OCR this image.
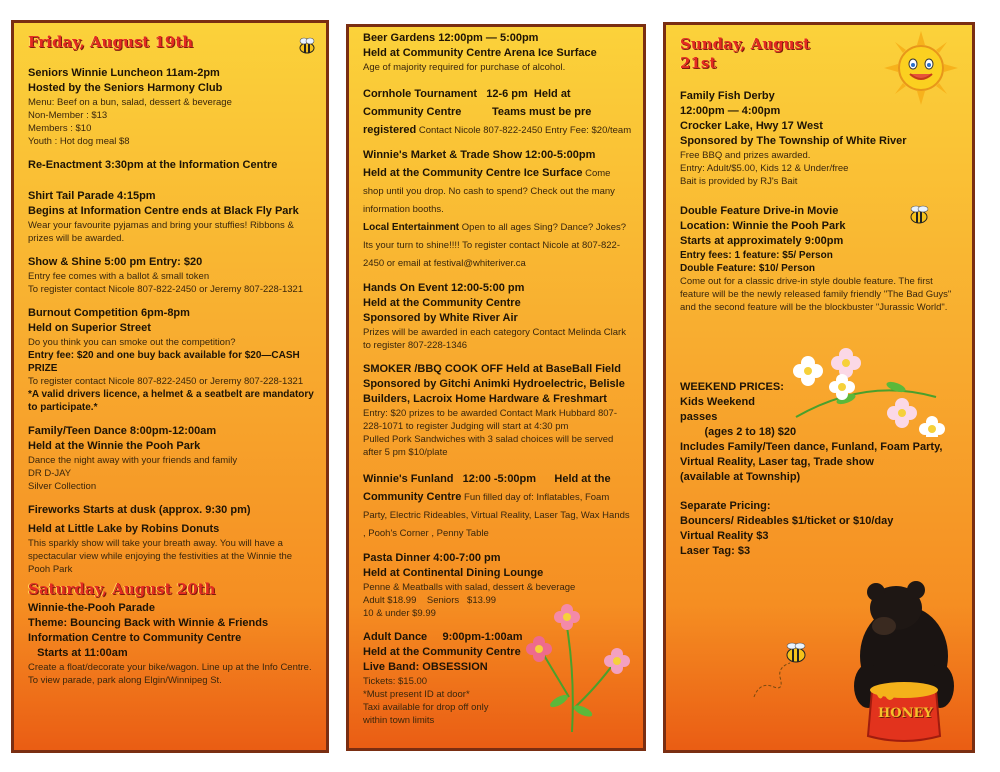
Friday, August 19th
Seniors Winnie Luncheon 11am-2pm
Hosted by the Seniors Harmony Club
Menu: Beef on a bun, salad, dessert & beverage
Non-Member : $13
Members : $10
Youth : Hot dog meal $8
Re-Enactment 3:30pm at the Information Centre
Shirt Tail Parade 4:15pm
Begins at Information Centre ends at Black Fly Park
Wear your favourite pyjamas and bring your stuffies! Ribbons & prizes will be awarded.
Show & Shine 5:00 pm Entry: $20
Entry fee comes with a ballot & small token
To register contact Nicole 807-822-2450 or Jeremy 807-228-1321
Burnout Competition 6pm-8pm
Held on Superior Street
Do you think you can smoke out the competition?
Entry fee: $20 and one buy back available for $20—CASH PRIZE
To register contact Nicole 807-822-2450 or Jeremy 807-228-1321
*A valid drivers licence, a helmet & a seatbelt are mandatory to participate.*
Family/Teen Dance 8:00pm-12:00am
Held at the Winnie the Pooh Park
Dance the night away with your friends and family
DR D-JAY
Silver Collection
Fireworks Starts at dusk (approx. 9:30 pm)
Held at Little Lake by Robins Donuts
This sparkly show will take your breath away. You will have a spectacular view while enjoying the festivities at the Winnie the Pooh Park
Saturday, August 20th
Winnie-the-Pooh Parade
Theme: Bouncing Back with Winnie & Friends
Information Centre to Community Centre
Starts at 11:00am
Create a float/decorate your bike/wagon. Line up at the Info Centre. To view parade, park along Elgin/Winnipeg St.
Beer Gardens 12:00pm — 5:00pm
Held at Community Centre Arena Ice Surface
Age of majority required for purchase of alcohol.
Cornhole Tournament   12-6 pm  Held at Community Centre          Teams must be pre registered Contact Nicole 807-822-2450 Entry Fee: $20/team
Winnie's Market & Trade Show 12:00-5:00pm
Held at the Community Centre Ice Surface Come shop until you drop. No cash to spend? Check out the many information booths.
Local Entertainment Open to all ages Sing? Dance? Jokes? Its your turn to shine!!!! To register contact Nicole at 807-822-2450 or email at festival@whiteriver.ca
Hands On Event 12:00-5:00 pm
Held at the Community Centre
Sponsored by White River Air
Prizes will be awarded in each category Contact Melinda Clark to register 807-228-1346
SMOKER /BBQ COOK OFF Held at BaseBall Field
Sponsored by Gitchi Animki Hydroelectric, Belisle Builders, Lacroix Home Hardware & Freshmart
Entry: $20 prizes to be awarded Contact Mark Hubbard 807-228-1071 to register Judging will start at 4:30 pm
Pulled Pork Sandwiches with 3 salad choices will be served after 5 pm $10/plate
Winnie's Funland   12:00 -5:00pm      Held at the Community Centre Fun filled day of: Inflatables, Foam Party, Electric Rideables, Virtual Reality, Laser Tag, Wax Hands , Pooh's Corner , Penny Table
Pasta Dinner 4:00-7:00 pm
Held at Continental Dining Lounge
Penne & Meatballs with salad, dessert & beverage
Adult $18.99    Seniors   $13.99
10 & under $9.99
Adult Dance     9:00pm-1:00am
Held at the Community Centre
Live Band: OBSESSION
Tickets: $15.00
*Must present ID at door*
Taxi available for drop off only
within town limits
Sunday, August 21st
Family Fish Derby
12:00pm — 4:00pm
Crocker Lake, Hwy 17 West
Sponsored by The Township of White River
Free BBQ and prizes awarded.
Entry: Adult/$5.00, Kids 12 & Under/free
Bait is provided by RJ's Bait
Double Feature Drive-in Movie
Location: Winnie the Pooh Park
Starts at approximately 9:00pm
Entry fees: 1 feature: $5/ Person
Double Feature: $10/ Person
Come out for a classic drive-in style double feature. The first feature will be the newly released family friendly "The Bad Guys" and the second feature will be the blockbuster "Jurassic World".
WEEKEND PRICES:
Kids Weekend
passes
(ages 2 to 18) $20
Includes Family/Teen dance, Funland, Foam Party, Virtual Reality, Laser tag, Trade show
(available at Township)
Separate Pricing:
Bouncers/ Rideables $1/ticket or $10/day
Virtual Reality $3
Laser Tag: $3
HONEY
